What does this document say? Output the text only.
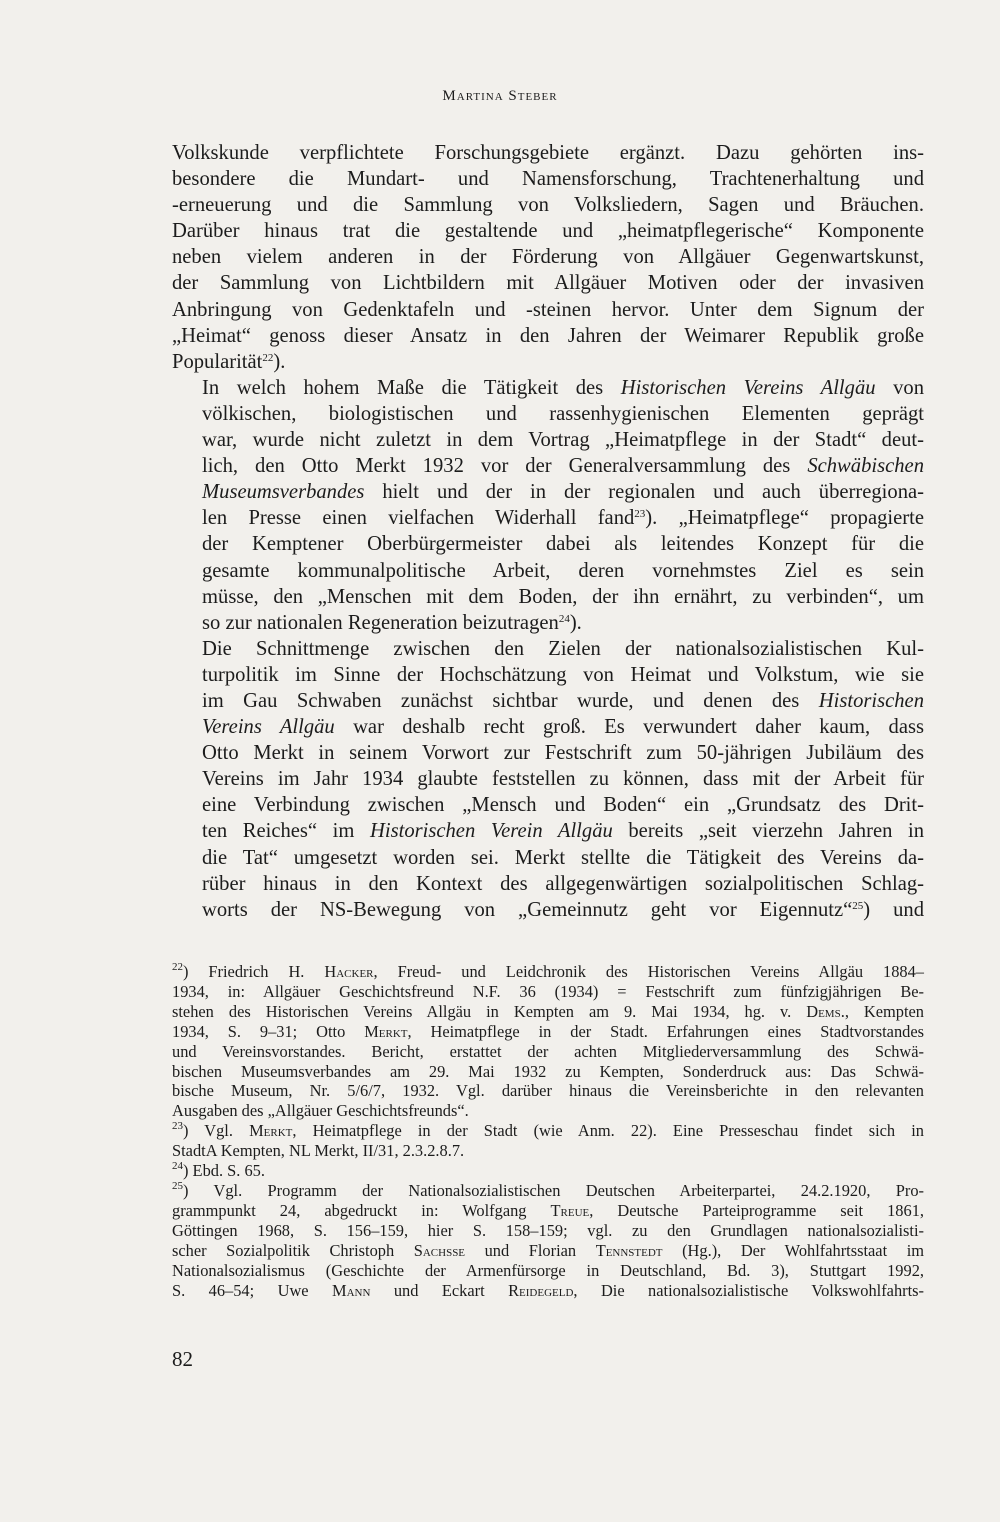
Martina Steber

Volkskunde verpflichtete Forschungsgebiete ergänzt. Dazu gehörten ins-
besondere die Mundart- und Namensforschung, Trachtenerhaltung und
-erneuerung und die Sammlung von Volksliedern, Sagen und Bräuchen.
Darüber hinaus trat die gestaltende und „heimatpflegerische“ Komponente
neben vielem anderen in der Förderung von Allgäuer Gegenwartskunst,
der Sammlung von Lichtbildern mit Allgäuer Motiven oder der invasiven
Anbringung von Gedenktafeln und -steinen hervor. Unter dem Signum der
„Heimat“ genoss dieser Ansatz in den Jahren der Weimarer Republik große
Popularität$^{22}$).

In welch hohem Maße die Tätigkeit des Historischen Vereins Allgäu von
völkischen, biologistischen und rassenhygienischen Elementen geprägt
war, wurde nicht zuletzt in dem Vortrag „Heimatpflege in der Stadt“ deut-
lich, den Otto Merkt 1932 vor der Generalversammlung des Schwäbischen
Museumsverbandes hielt und der in der regionalen und auch überregiona-
len Presse einen vielfachen Widerhall fand$^{23}$). „Heimatpflege“ propagierte
der Kemptener Oberbürgermeister dabei als leitendes Konzept für die
gesamte kommunalpolitische Arbeit, deren vornehmstes Ziel es sein
müsse, den „Menschen mit dem Boden, der ihn ernährt, zu verbinden“, um
so zur nationalen Regeneration beizutragen$^{24}$).

Die Schnittmenge zwischen den Zielen der nationalsozialistischen Kul-
turpolitik im Sinne der Hochschätzung von Heimat und Volkstum, wie sie
im Gau Schwaben zunächst sichtbar wurde, und denen des Historischen
Vereins Allgäu war deshalb recht groß. Es verwundert daher kaum, dass
Otto Merkt in seinem Vorwort zur Festschrift zum 50-jährigen Jubiläum des
Vereins im Jahr 1934 glaubte feststellen zu können, dass mit der Arbeit für
eine Verbindung zwischen „Mensch und Boden“ ein „Grundsatz des Drit-
ten Reiches“ im Historischen Verein Allgäu bereits „seit vierzehn Jahren in
die Tat“ umgesetzt worden sei. Merkt stellte die Tätigkeit des Vereins da-
rüber hinaus in den Kontext des allgegenwärtigen sozialpolitischen Schlag-
worts der NS-Bewegung von „Gemeinnutz geht vor Eigennutz“$^{25}$) und

$^{22}$) Friedrich H. Hacker, Freud- und Leidchronik des Historischen Vereins Allgäu 1884–
1934, in: Allgäuer Geschichtsfreund N.F. 36 (1934) = Festschrift zum fünfzigjährigen Be-
stehen des Historischen Vereins Allgäu in Kempten am 9. Mai 1934, hg. v. Dems., Kempten
1934, S. 9–31; Otto Merkt, Heimatpflege in der Stadt. Erfahrungen eines Stadtvorstandes
und Vereinsvorstandes. Bericht, erstattet der achten Mitgliederversammlung des Schwä-
bischen Museumsverbandes am 29. Mai 1932 zu Kempten, Sonderdruck aus: Das Schwä-
bische Museum, Nr. 5/6/7, 1932. Vgl. darüber hinaus die Vereinsberichte in den relevanten
Ausgaben des „Allgäuer Geschichtsfreunds“.
$^{23}$) Vgl. Merkt, Heimatpflege in der Stadt (wie Anm. 22). Eine Presseschau findet sich in
StadtA Kempten, NL Merkt, II/31, 2.3.2.8.7.
$^{24}$) Ebd. S. 65.
$^{25}$) Vgl. Programm der Nationalsozialistischen Deutschen Arbeiterpartei, 24.2.1920, Pro-
grammpunkt 24, abgedruckt in: Wolfgang Treue, Deutsche Parteiprogramme seit 1861,
Göttingen 1968, S. 156–159, hier S. 158–159; vgl. zu den Grundlagen nationalsozialisti-
scher Sozialpolitik Christoph Sachsse und Florian Tennstedt (Hg.), Der Wohlfahrtsstaat im
Nationalsozialismus (Geschichte der Armenfürsorge in Deutschland, Bd. 3), Stuttgart 1992,
S. 46–54; Uwe Mann und Eckart Reidegeld, Die nationalsozialistische Volkswohlfahrts-
82
